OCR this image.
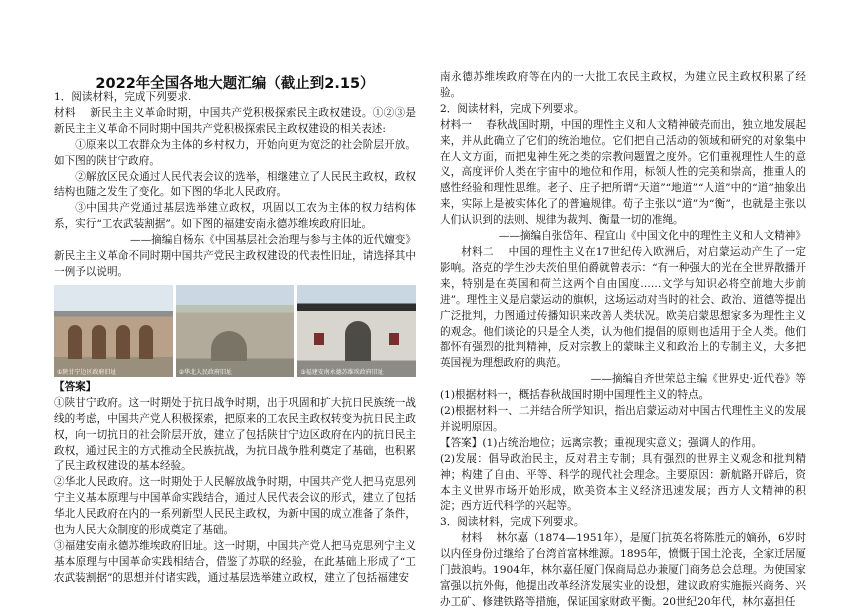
2022年全国各地大题汇编（截止到2.15）

1．阅读材料，完成下列要求.

材料　 新民主主义革命时期，中国共产党积极探索民主政权建设。①②③是新民主主义革命不同时期中国共产党积极探索民主政权建设的相关表述:

①原来以工农群众为主体的乡村权力，开始向更为宽泛的社会阶层开放。如下图的陕甘宁政府。

②解放区民众通过人民代表会议的选举，相继建立了人民民主政权，政权结构也随之发生了变化。如下图的华北人民政府。

③中国共产党通过基层选举建立政权，巩固以工农为主体的权力结构体系，实行“工农武装割据”。如下图的福建安南永德苏维埃政府旧址。

——摘编自杨东《中国基层社会治理与参与主体的近代嬗变》

新民主主义革命不同时期中国共产党民主政权建设的代表性旧址，请选择其中一例予以说明。

①陕甘宁边区政府旧址	②华北人民政府旧址	③福建安南永德苏维埃政府旧址

【答案】

①陕甘宁政府。这一时期处于抗日战争时期，出于巩固和扩大抗日民族统一战线的考虑，中国共产党人积极探索，把原来的工农民主政权转变为抗日民主政权，向一切抗日的社会阶层开放，建立了包括陕甘宁边区政府在内的抗日民主政权，通过民主的方式推动全民族抗战，为抗日战争胜利奠定了基础，也积累了民主政权建设的基本经验。

②华北人民政府。这一时期处于人民解放战争时期，中国共产党人把马克思列宁主义基本原理与中国革命实践结合，通过人民代表会议的形式，建立了包括华北人民政府在内的一系列新型人民民主政权，为新中国的成立准备了条件，也为人民大众制度的形成奠定了基础。

③福建安南永德苏维埃政府旧址。这一时期，中国共产党人把马克思列宁主义基本原理与中国革命实践相结合，借鉴了苏联的经验，在此基础上形成了“工农武装割据”的思想并付诸实践，通过基层选举建立政权，建立了包括福建安

南永德苏维埃政府等在内的一大批工农民主政权，为建立民主政权积累了经验。

2．阅读材料，完成下列要求。

材料一　 春秋战国时期，中国的理性主义和人文精神破壳而出，独立地发展起来，并从此确立了它们的统治地位。它们把自己活动的领域和研究的对象集中在人文方面，而把鬼神生死之类的宗教问题置之度外。它们重视理性人生的意义，高度评价人类在宇宙中的地位和作用，标领人性的完美和崇高，推重人的感性经验和理性思维。老子、庄子把所谓“天道”“地道”“人道”中的“道”抽象出来，实际上是被实体化了的普遍规律。荀子主张以“道”为“衡”，也就是主张以人们认识到的法则、规律为裁判、衡量一切的准绳。

——摘编自张岱年、程宜山《中国文化中的理性主义和人文精神》

材料二　 中国的理性主义在17世纪传入欧洲后，对启蒙运动产生了一定影响。洛克的学生沙夫茨伯里伯爵就曾表示：“有一种强大的光在全世界散播开来，特别是在英国和荷兰这两个自由国度……文学与知识必将空前地大步前进”。理性主义是启蒙运动的旗帜，这场运动对当时的社会、政治、道德等提出广泛批判，力图通过传播知识来改善人类状况。欧美启蒙思想家多为理性主义的观念。他们谈论的只是全人类，认为他们提倡的原则也适用于全人类。他们都怀有强烈的批判精神，反对宗教上的蒙昧主义和政治上的专制主义，大多把英国视为理想政府的典范。

——摘编自齐世荣总主编《世界史·近代卷》等

(1)根据材料一，概括春秋战国时期中国理性主义的特点。

(2)根据材料一、二并结合所学知识，指出启蒙运动对中国古代理性主义的发展并说明原因。

【答案】(1)占统治地位；远离宗教；重视现实意义；强调人的作用。

(2)发展：倡导政治民主，反对君主专制；具有强烈的世界主义观念和批判精神；构建了自由、平等、科学的现代社会理念。主要原因：新航路开辟后，资本主义世界市场开始形成，欧美资本主义经济迅速发展；西方人文精神的积淀；西方近代科学的兴起等。

3．阅读材料，完成下列要求。

材料　 林尔嘉（1874—1951年），是厦门抗英名将陈胜元的嫡孙，6岁时以内侄身份过继给了台湾首富林维源。1895年，愤慨于国土沦丧，全家迁居厦门鼓浪屿。1904年，林尔嘉任厦门保商局总办兼厦门商务总会总理。为使国家富强以抗外侮，他提出改革经济发展实业的设想，建议政府实施振兴商务、兴办工矿、修建铁路等措施，保证国家财政平衡。20世纪20年代，林尔嘉担任
